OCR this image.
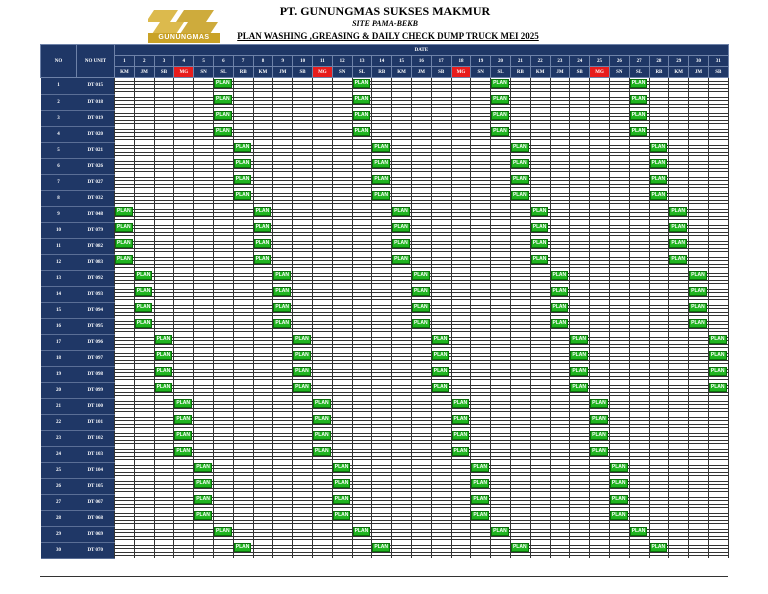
GUNUNGMAS
PT. GUNUNGMAS SUKSES MAKMUR
SITE PAMA-BEKB
PLAN WASHING ,GREASING & DAILY CHECK DUMP TRUCK MEI 2025
NO	NO UNIT	DATE																														
		1	2	3	4	5	6	7	8	9	10	11	12	13	14	15	16	17	18	19	20	21	22	23	24	25	26	27	28	29	30	31
		KM	JM	SB	MG	SN	SL	RB	KM	JM	SB	MG	SN	SL	RB	KM	JM	SB	MG	SN	SL	RB	KM	JM	SB	MG	SN	SL	RB	KM	JM	SB
1	DT 015						PLAN							PLAN							PLAN							PLAN				

2	DT 018						PLAN							PLAN							PLAN							PLAN				

3	DT 019						PLAN							PLAN							PLAN							PLAN				

4	DT 020						PLAN							PLAN							PLAN							PLAN				

5	DT 021							PLAN							PLAN							PLAN							PLAN			

6	DT 026							PLAN							PLAN							PLAN							PLAN			

7	DT 027							PLAN							PLAN							PLAN							PLAN			

8	DT 032							PLAN							PLAN							PLAN							PLAN			

9	DT 048	PLAN							PLAN							PLAN							PLAN							PLAN		

10	DT 079	PLAN							PLAN							PLAN							PLAN							PLAN		

11	DT 082	PLAN							PLAN							PLAN							PLAN							PLAN		

12	DT 083	PLAN							PLAN							PLAN							PLAN							PLAN		

13	DT 092		PLAN							PLAN							PLAN							PLAN							PLAN	

14	DT 093		PLAN							PLAN							PLAN							PLAN							PLAN	

15	DT 094		PLAN							PLAN							PLAN							PLAN							PLAN	

16	DT 095		PLAN							PLAN							PLAN							PLAN							PLAN	

17	DT 096			PLAN							PLAN							PLAN							PLAN							PLAN

18	DT 097			PLAN							PLAN							PLAN							PLAN							PLAN

19	DT 098			PLAN							PLAN							PLAN							PLAN							PLAN

20	DT 099			PLAN							PLAN							PLAN							PLAN							PLAN

21	DT 100				PLAN							PLAN							PLAN							PLAN						

22	DT 101				PLAN							PLAN							PLAN							PLAN						

23	DT 102				PLAN							PLAN							PLAN							PLAN						

24	DT 103				PLAN							PLAN							PLAN							PLAN						

25	DT 104					PLAN							PLAN							PLAN							PLAN					

26	DT 105					PLAN							PLAN							PLAN							PLAN					

27	DT 067					PLAN							PLAN							PLAN							PLAN					

28	DT 068					PLAN							PLAN							PLAN							PLAN					

29	DT 069						PLAN							PLAN							PLAN							PLAN				

30	DT 070							PLAN							PLAN							PLAN							PLAN			
